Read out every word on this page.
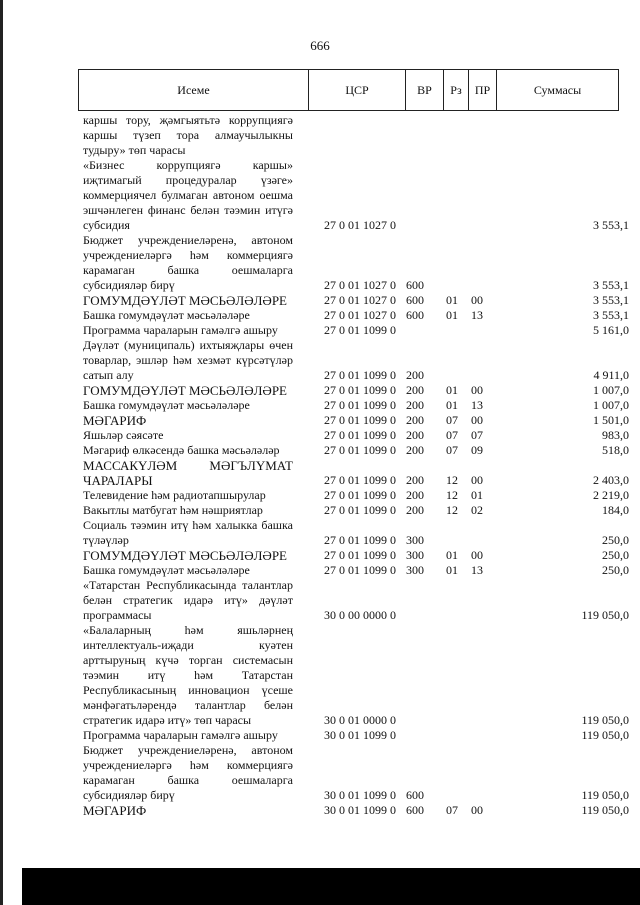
666
Исеме	ЦСР	ВР	Рз	ПР	Суммасы
каршы тору, җәмгыятьтә коррупциягә
каршы түзеп тора алмаучылыкны
тудыру» төп чарасы
«Бизнес коррупциягә каршы»
иҗтимагый процедуралар үзәге»
коммерциячел булмаган автоном оешма
эшчәнлеген финанс белән тәэмин итүгә
субсидия	27 0 01 1027 0	3 553,1
Бюджет учреждениеләренә, автоном
учреждениеләргә һәм коммерциягә
карамаган башка оешмаларга
субсидияләр бирү	27 0 01 1027 0 600	3 553,1
ГОМУМДӘҮЛӘТ МӘСЬӘЛӘЛӘРЕ	27 0 01 1027 0 600	01	00	3 553,1
Башка гомумдәүләт мәсьәләләре	27 0 01 1027 0 600	01	13	3 553,1
Программа чараларын гамәлгә ашыру	27 0 01 1099 0	5 161,0
Дәүләт (муниципаль) ихтыяҗлары өчен
товарлар, эшләр һәм хезмәт күрсәтүләр
сатып алу	27 0 01 1099 0 200	4 911,0
ГОМУМДӘҮЛӘТ МӘСЬӘЛӘЛӘРЕ	27 0 01 1099 0 200	01	00	1 007,0
Башка гомумдәүләт мәсьәләләре	27 0 01 1099 0 200	01	13	1 007,0
МӘГАРИФ	27 0 01 1099 0 200	07	00	1 501,0
Яшьләр сәясәте	27 0 01 1099 0 200	07	07	983,0
Мәгариф өлкәсендә башка мәсьәләләр	27 0 01 1099 0 200	07	09	518,0
МАССАКҮЛӘМ МӘГЪЛҮМАТ
ЧАРАЛАРЫ	27 0 01 1099 0 200	12	00	2 403,0
Телевидение һәм радиотапшырулар	27 0 01 1099 0 200	12	01	2 219,0
Вакытлы матбугат һәм нәшриятлар	27 0 01 1099 0 200	12	02	184,0
Социаль тәэмин итү һәм халыкка башка
түләүләр	27 0 01 1099 0 300	250,0
ГОМУМДӘҮЛӘТ МӘСЬӘЛӘЛӘРЕ	27 0 01 1099 0 300	01	00	250,0
Башка гомумдәүләт мәсьәләләре	27 0 01 1099 0 300	01	13	250,0
«Татарстан Республикасында талантлар
белән стратегик идарә итү» дәүләт
программасы	30 0 00 0000 0	119 050,0
«Балаларның һәм яшьләрнең
интеллектуаль-иҗади куәтен
арттыруның күчә торган системасын
тәэмин итү һәм Татарстан
Республикасының инновацион үсеше
мәнфәгатьләрендә талантлар белән
стратегик идарә итү» төп чарасы	30 0 01 0000 0	119 050,0
Программа чараларын гамәлгә ашыру	30 0 01 1099 0	119 050,0
Бюджет учреждениеләренә, автоном
учреждениеләргә һәм коммерциягә
карамаган башка оешмаларга
субсидияләр бирү	30 0 01 1099 0 600	119 050,0
МӘГАРИФ	30 0 01 1099 0 600	07	00	119 050,0
